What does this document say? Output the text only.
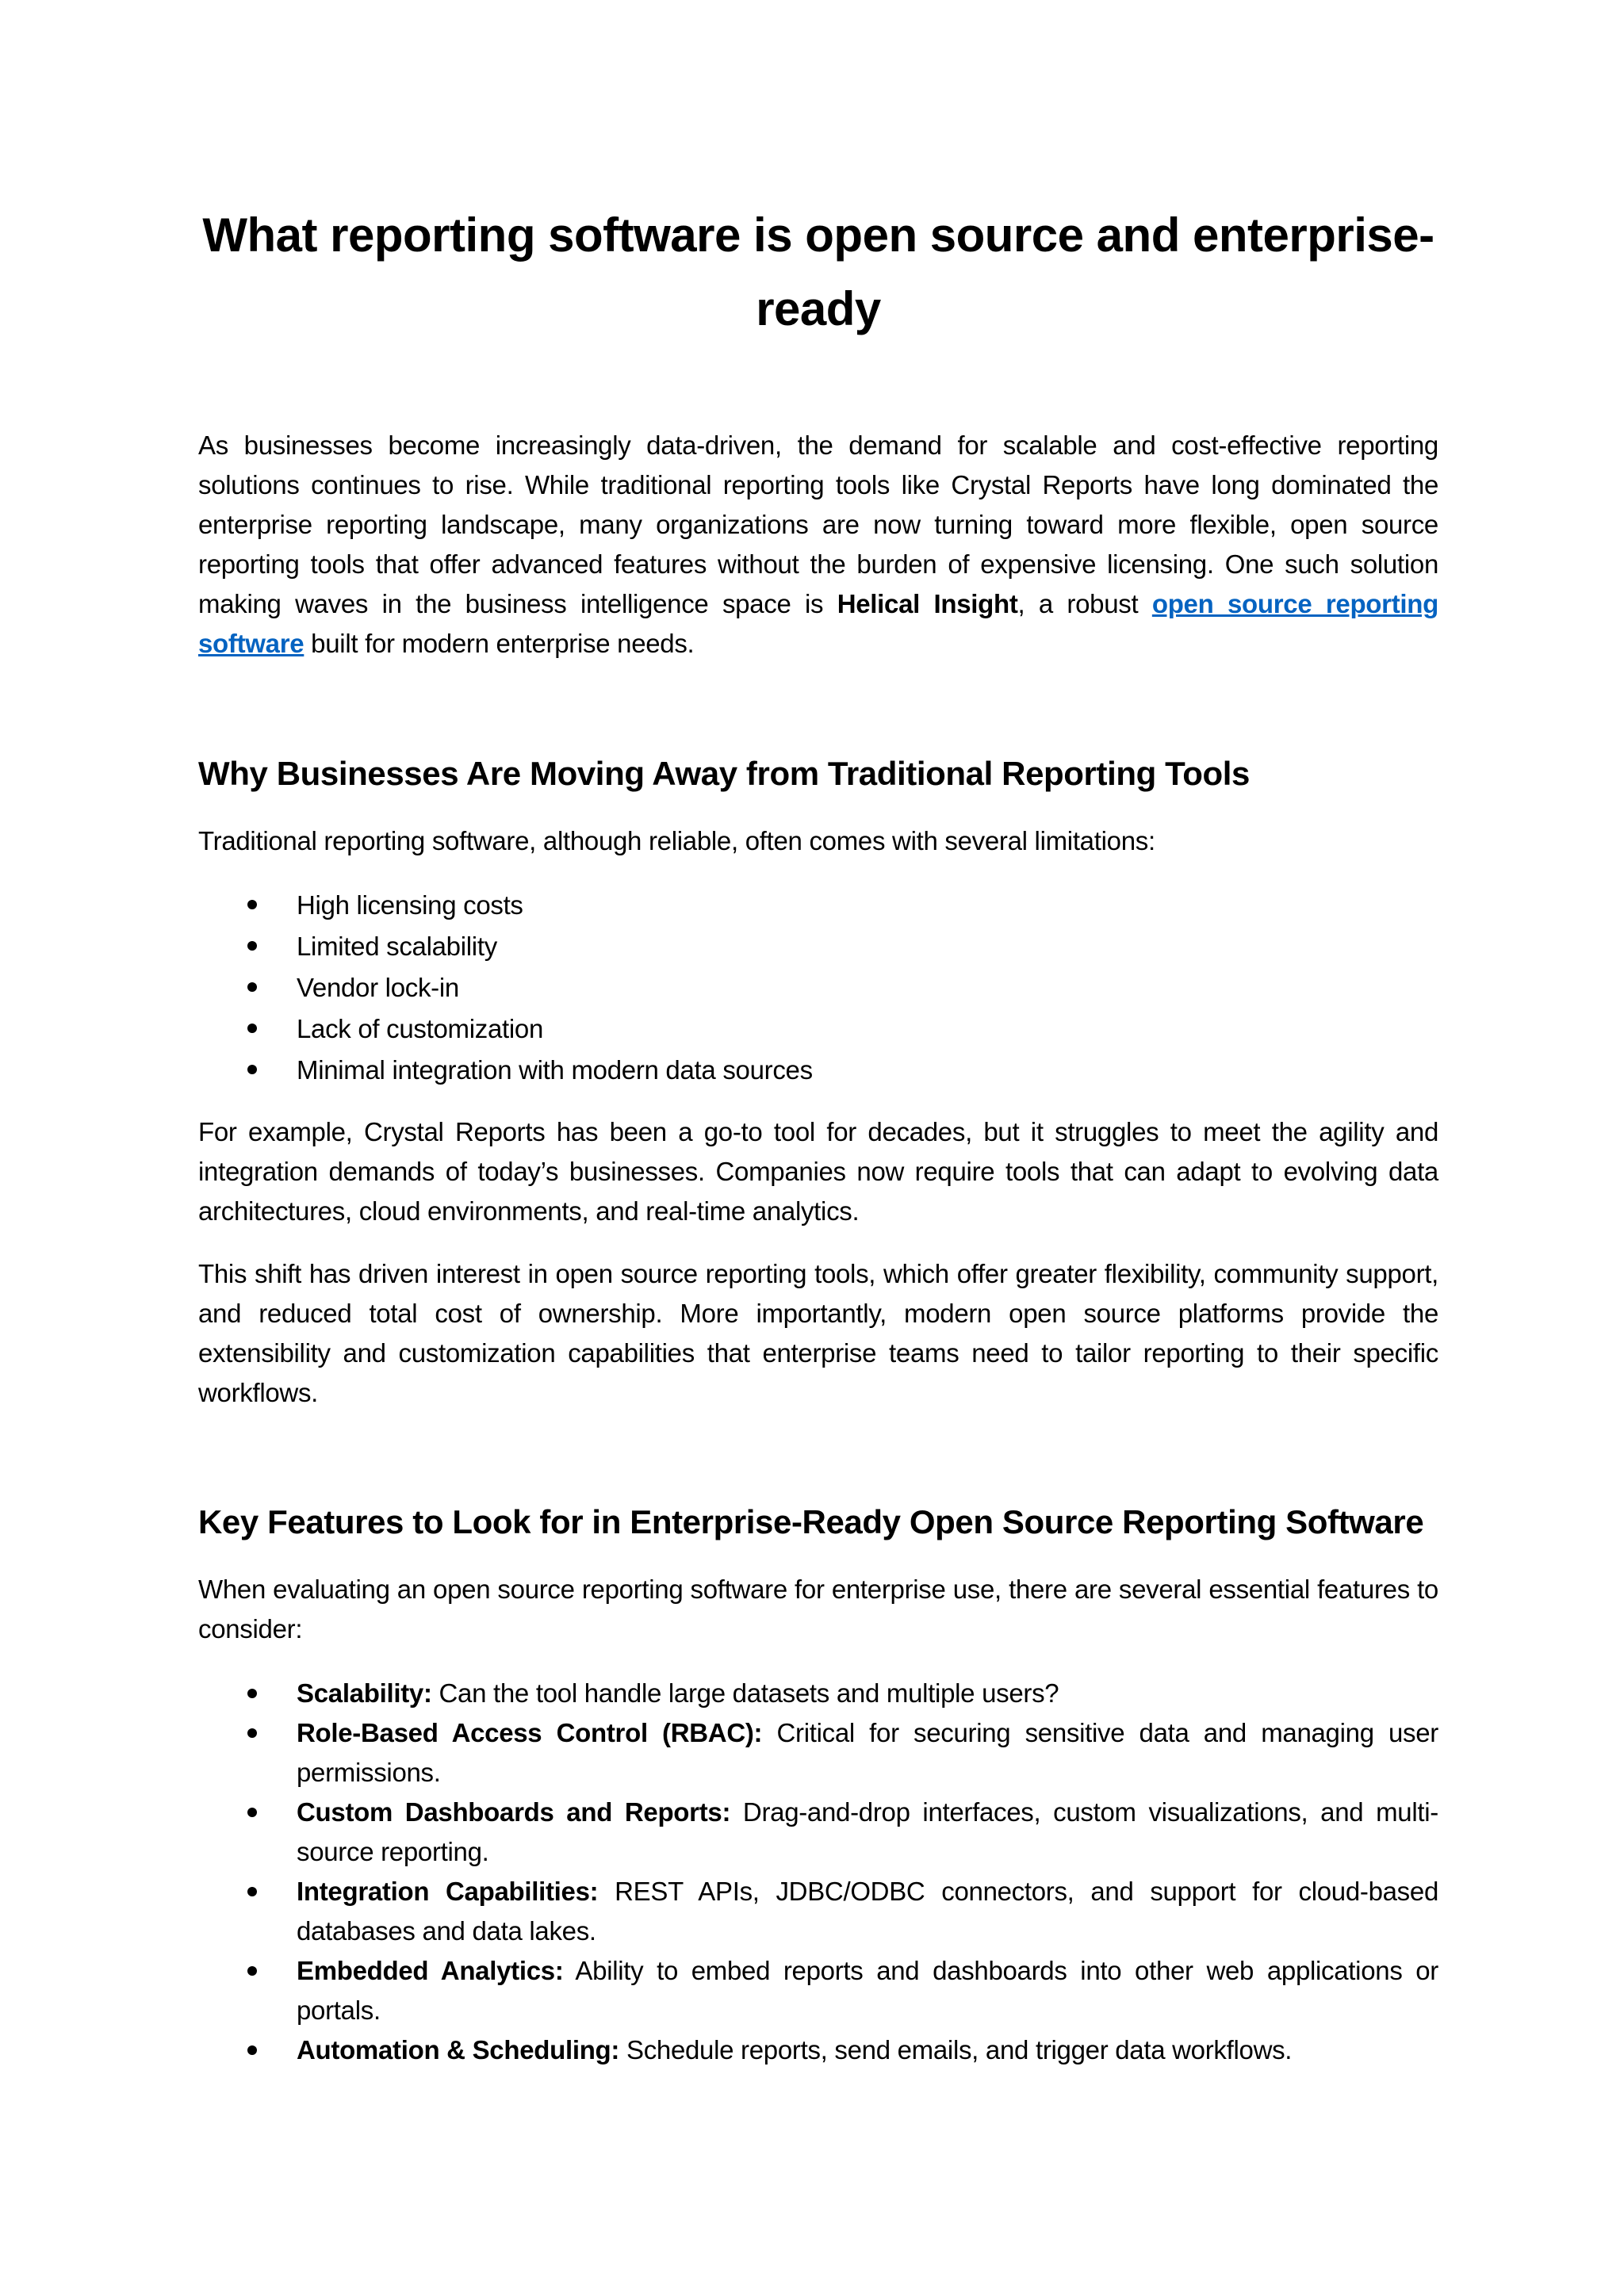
What reporting software is open source and enterprise-ready
As businesses become increasingly data-driven, the demand for scalable and cost-effective reporting solutions continues to rise. While traditional reporting tools like Crystal Reports have long dominated the enterprise reporting landscape, many organizations are now turning toward more flexible, open source reporting tools that offer advanced features without the burden of expensive licensing. One such solution making waves in the business intelligence space is Helical Insight, a robust open source reporting software built for modern enterprise needs.
Why Businesses Are Moving Away from Traditional Reporting Tools
Traditional reporting software, although reliable, often comes with several limitations:
High licensing costs
Limited scalability
Vendor lock-in
Lack of customization
Minimal integration with modern data sources
For example, Crystal Reports has been a go-to tool for decades, but it struggles to meet the agility and integration demands of today’s businesses. Companies now require tools that can adapt to evolving data architectures, cloud environments, and real-time analytics.
This shift has driven interest in open source reporting tools, which offer greater flexibility, community support, and reduced total cost of ownership. More importantly, modern open source platforms provide the extensibility and customization capabilities that enterprise teams need to tailor reporting to their specific workflows.
Key Features to Look for in Enterprise-Ready Open Source Reporting Software
When evaluating an open source reporting software for enterprise use, there are several essential features to consider:
Scalability: Can the tool handle large datasets and multiple users?
Role-Based Access Control (RBAC): Critical for securing sensitive data and managing user permissions.
Custom Dashboards and Reports: Drag-and-drop interfaces, custom visualizations, and multi-source reporting.
Integration Capabilities: REST APIs, JDBC/ODBC connectors, and support for cloud-based databases and data lakes.
Embedded Analytics: Ability to embed reports and dashboards into other web applications or portals.
Automation & Scheduling: Schedule reports, send emails, and trigger data workflows.
